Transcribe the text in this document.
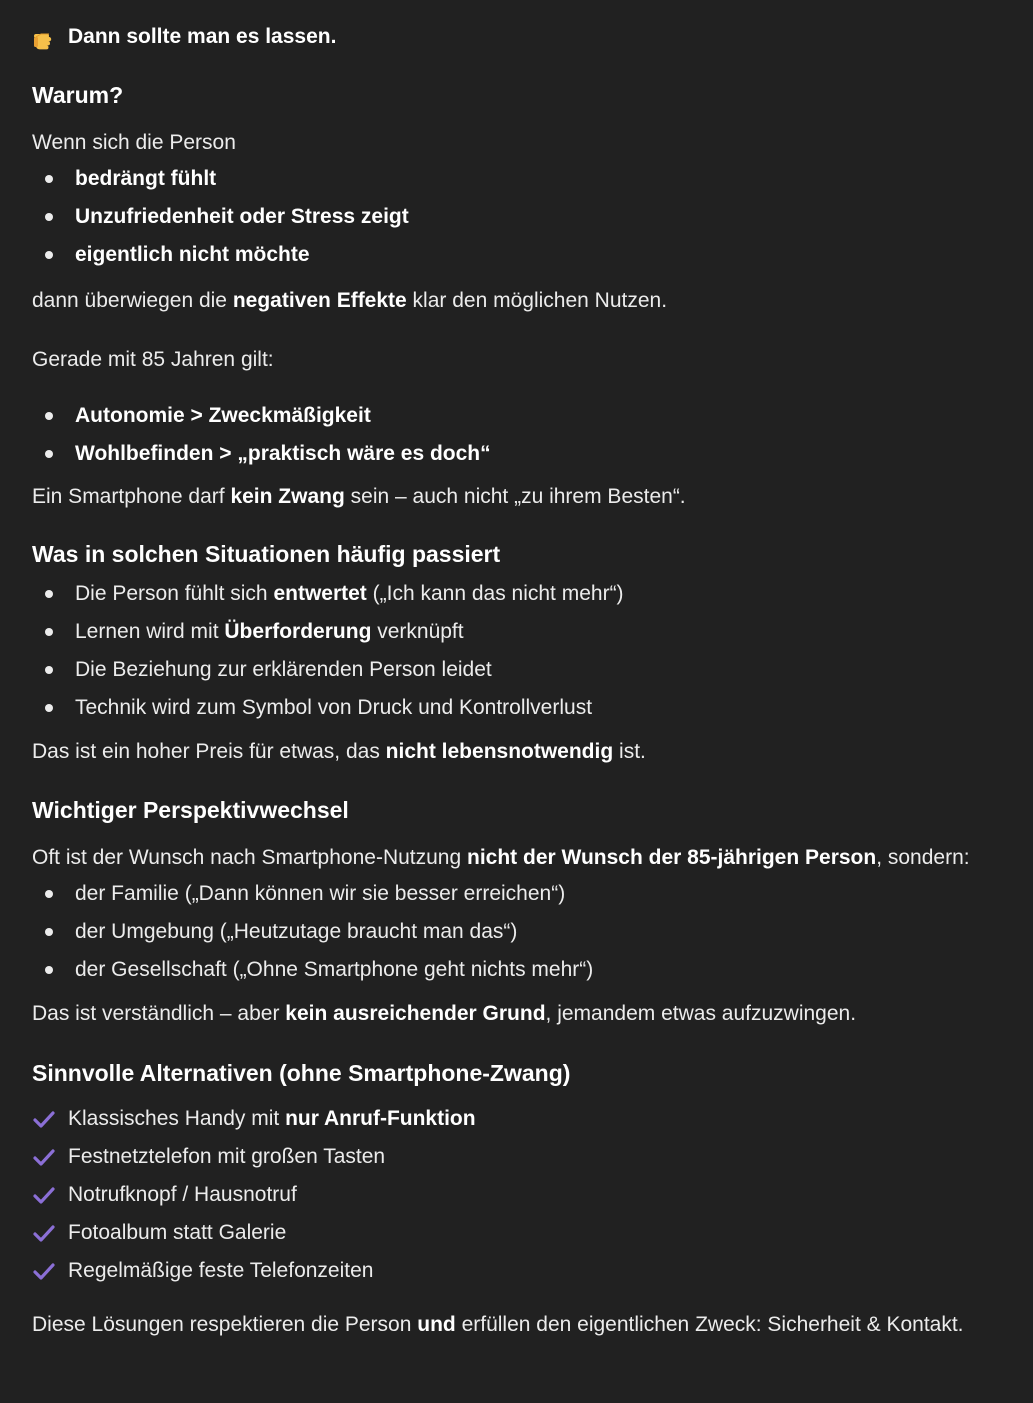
Dann sollte man es lassen.
Warum?

Wenn sich die Person

bedrängt fühlt
Unzufriedenheit oder Stress zeigt
eigentlich nicht möchte

dann überwiegen die negativen Effekte klar den möglichen Nutzen.

Gerade mit 85 Jahren gilt:

Autonomie > Zweckmäßigkeit
Wohlbefinden > „praktisch wäre es doch“

Ein Smartphone darf kein Zwang sein – auch nicht „zu ihrem Besten“.

Was in solchen Situationen häufig passiert
Die Person fühlt sich entwertet („Ich kann das nicht mehr“)
Lernen wird mit Überforderung verknüpft
Die Beziehung zur erklärenden Person leidet
Technik wird zum Symbol von Druck und Kontrollverlust

Das ist ein hoher Preis für etwas, das nicht lebensnotwendig ist.

Wichtiger Perspektivwechsel

Oft ist der Wunsch nach Smartphone-Nutzung nicht der Wunsch der 85-jährigen Person, sondern:

der Familie („Dann können wir sie besser erreichen“)
der Umgebung („Heutzutage braucht man das“)
der Gesellschaft („Ohne Smartphone geht nichts mehr“)

Das ist verständlich – aber kein ausreichender Grund, jemandem etwas aufzuzwingen.

Sinnvolle Alternativen (ohne Smartphone-Zwang)
Klassisches Handy mit nur Anruf-Funktion
Festnetztelefon mit großen Tasten
Notrufknopf / Hausnotruf
Fotoalbum statt Galerie
Regelmäßige feste Telefonzeiten

Diese Lösungen respektieren die Person und erfüllen den eigentlichen Zweck: Sicherheit & Kontakt.
